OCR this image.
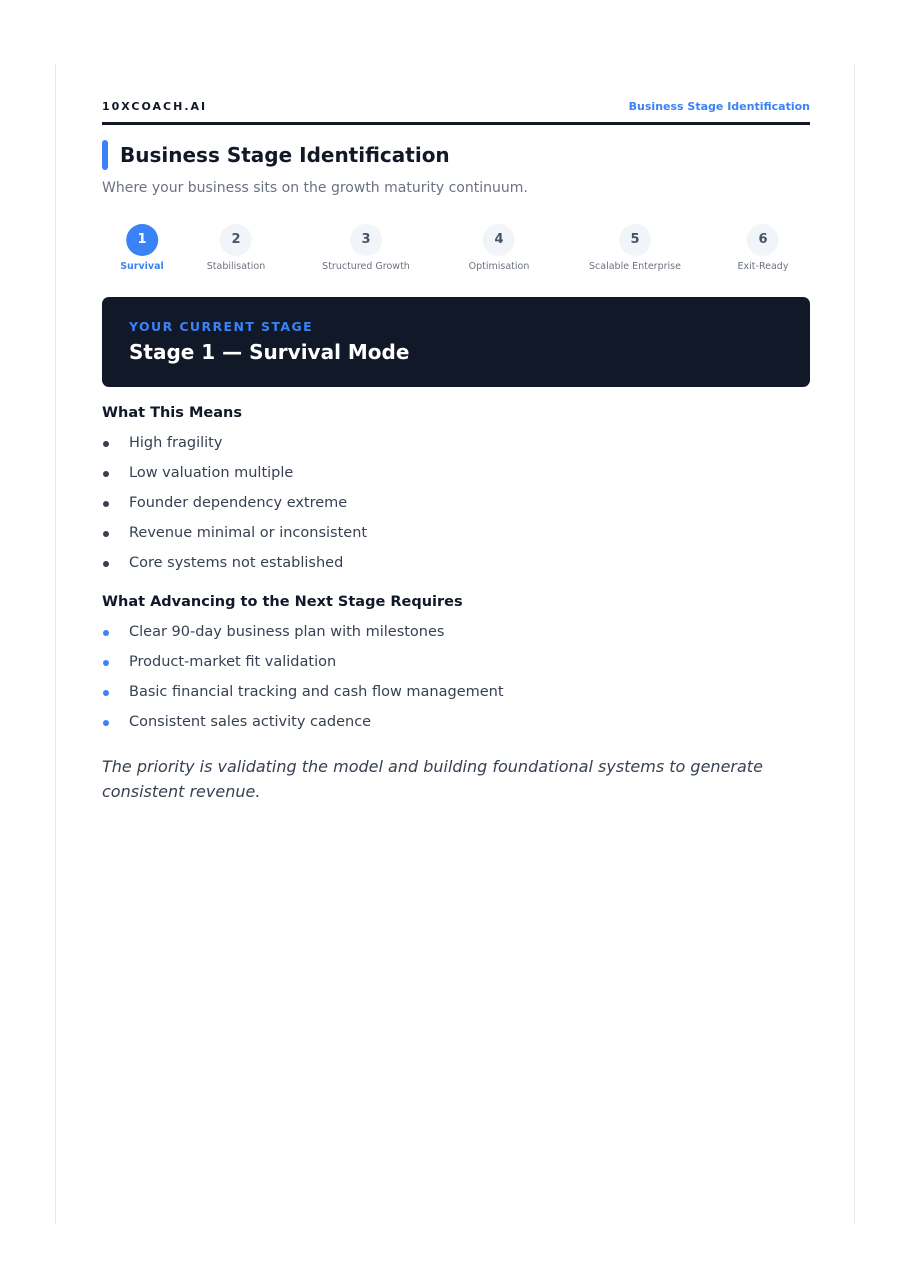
10XCOACH.AI	Business Stage Identification
Business Stage Identification
Where your business sits on the growth maturity continuum.
1
Survival
2
Stabilisation
3
Structured Growth
4
Optimisation
5
Scalable Enterprise
6
Exit-Ready
YOUR CURRENT STAGE
Stage 1 — Survival Mode
What This Means
High fragility
Low valuation multiple
Founder dependency extreme
Revenue minimal or inconsistent
Core systems not established
What Advancing to the Next Stage Requires
Clear 90-day business plan with milestones
Product-market fit validation
Basic financial tracking and cash flow management
Consistent sales activity cadence

The priority is validating the model and building foundational systems to generate consistent revenue.
